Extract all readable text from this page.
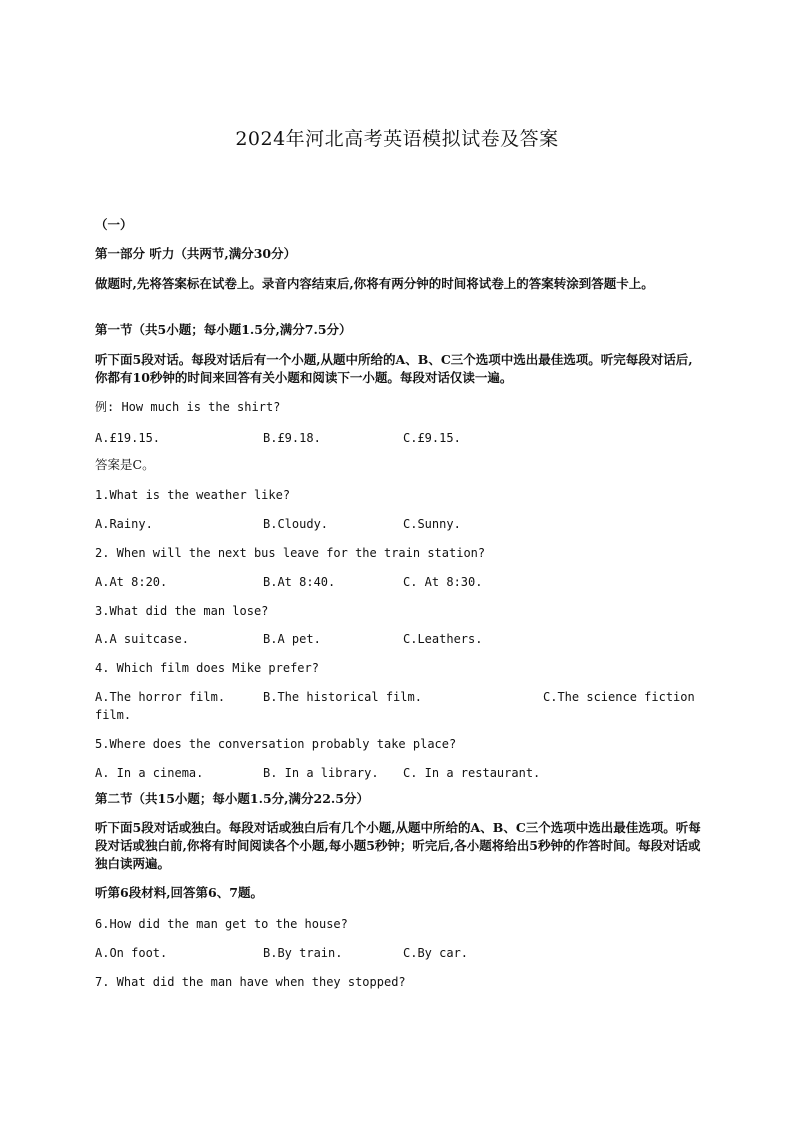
2024年河北高考英语模拟试卷及答案
（一）
第一部分 听力（共两节,满分30分）
做题时,先将答案标在试卷上。录音内容结束后,你将有两分钟的时间将试卷上的答案转涂到答题卡上。
第一节（共5小题；每小题1.5分,满分7.5分）
听下面5段对话。每段对话后有一个小题,从题中所给的A、B、C三个选项中选出最佳选项。听完每段对话后,你都有10秒钟的时间来回答有关小题和阅读下一小题。每段对话仅读一遍。
例: How much is the shirt?
A.£19.15.	B.£9.18.	C.£9.15.
答案是C。
1.What is the weather like?
A.Rainy.	B.Cloudy.	C.Sunny.
2. When will the next bus leave for the train station?
A.At 8:20.	B.At 8:40.	C. At 8:30.
3.What did the man lose?
A.A suitcase.	B.A pet.	C.Leathers.
4. Which film does Mike prefer?
A.The horror film.	B.The historical film.	C.The science fiction
film.
5.Where does the conversation probably take place?
A. In a cinema.	B. In a library. C. In a restaurant.
第二节（共15小题；每小题1.5分,满分22.5分）
听下面5段对话或独白。每段对话或独白后有几个小题,从题中所给的A、B、C三个选项中选出最佳选项。听每段对话或独白前,你将有时间阅读各个小题,每小题5秒钟；听完后,各小题将给出5秒钟的作答时间。每段对话或独白读两遍。
听第6段材料,回答第6、7题。
6.How did the man get to the house?
A.On foot.	B.By train.	C.By car.
7. What did the man have when they stopped?
